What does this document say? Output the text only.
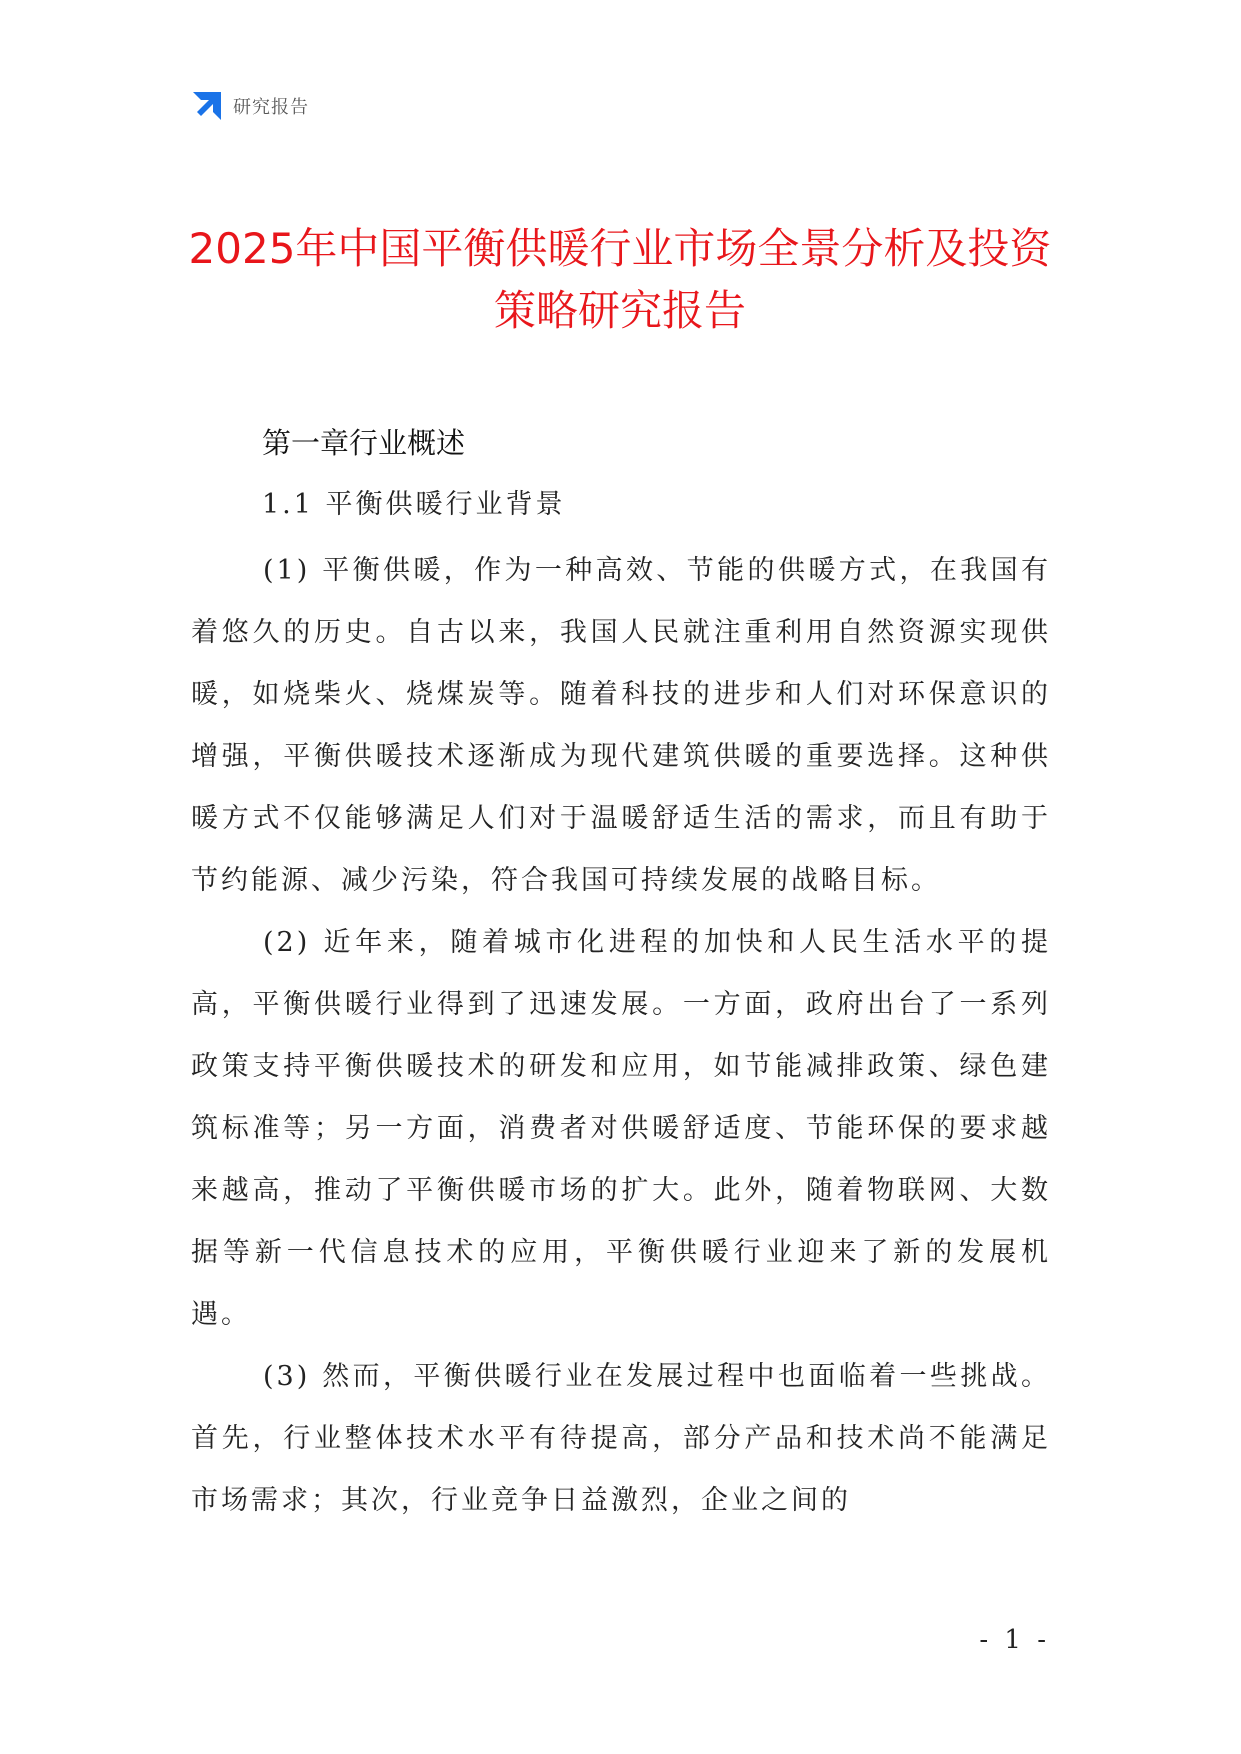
研究报告
2025年中国平衡供暖行业市场全景分析及投资策略研究报告
第一章行业概述
1.1 平衡供暖行业背景

(1) 平衡供暖，作为一种高效、节能的供暖方式，在我国有着悠久的历史。自古以来，我国人民就注重利用自然资源实现供暖，如烧柴火、烧煤炭等。随着科技的进步和人们对环保意识的增强，平衡供暖技术逐渐成为现代建筑供暖的重要选择。这种供暖方式不仅能够满足人们对于温暖舒适生活的需求，而且有助于节约能源、减少污染，符合我国可持续发展的战略目标。

(2) 近年来，随着城市化进程的加快和人民生活水平的提高，平衡供暖行业得到了迅速发展。一方面，政府出台了一系列政策支持平衡供暖技术的研发和应用，如节能减排政策、绿色建筑标准等；另一方面，消费者对供暖舒适度、节能环保的要求越来越高，推动了平衡供暖市场的扩大。此外，随着物联网、大数据等新一代信息技术的应用，平衡供暖行业迎来了新的发展机遇。

(3) 然而，平衡供暖行业在发展过程中也面临着一些挑战。首先，行业整体技术水平有待提高，部分产品和技术尚不能满足市场需求；其次，行业竞争日益激烈，企业之间的

- 1 -
